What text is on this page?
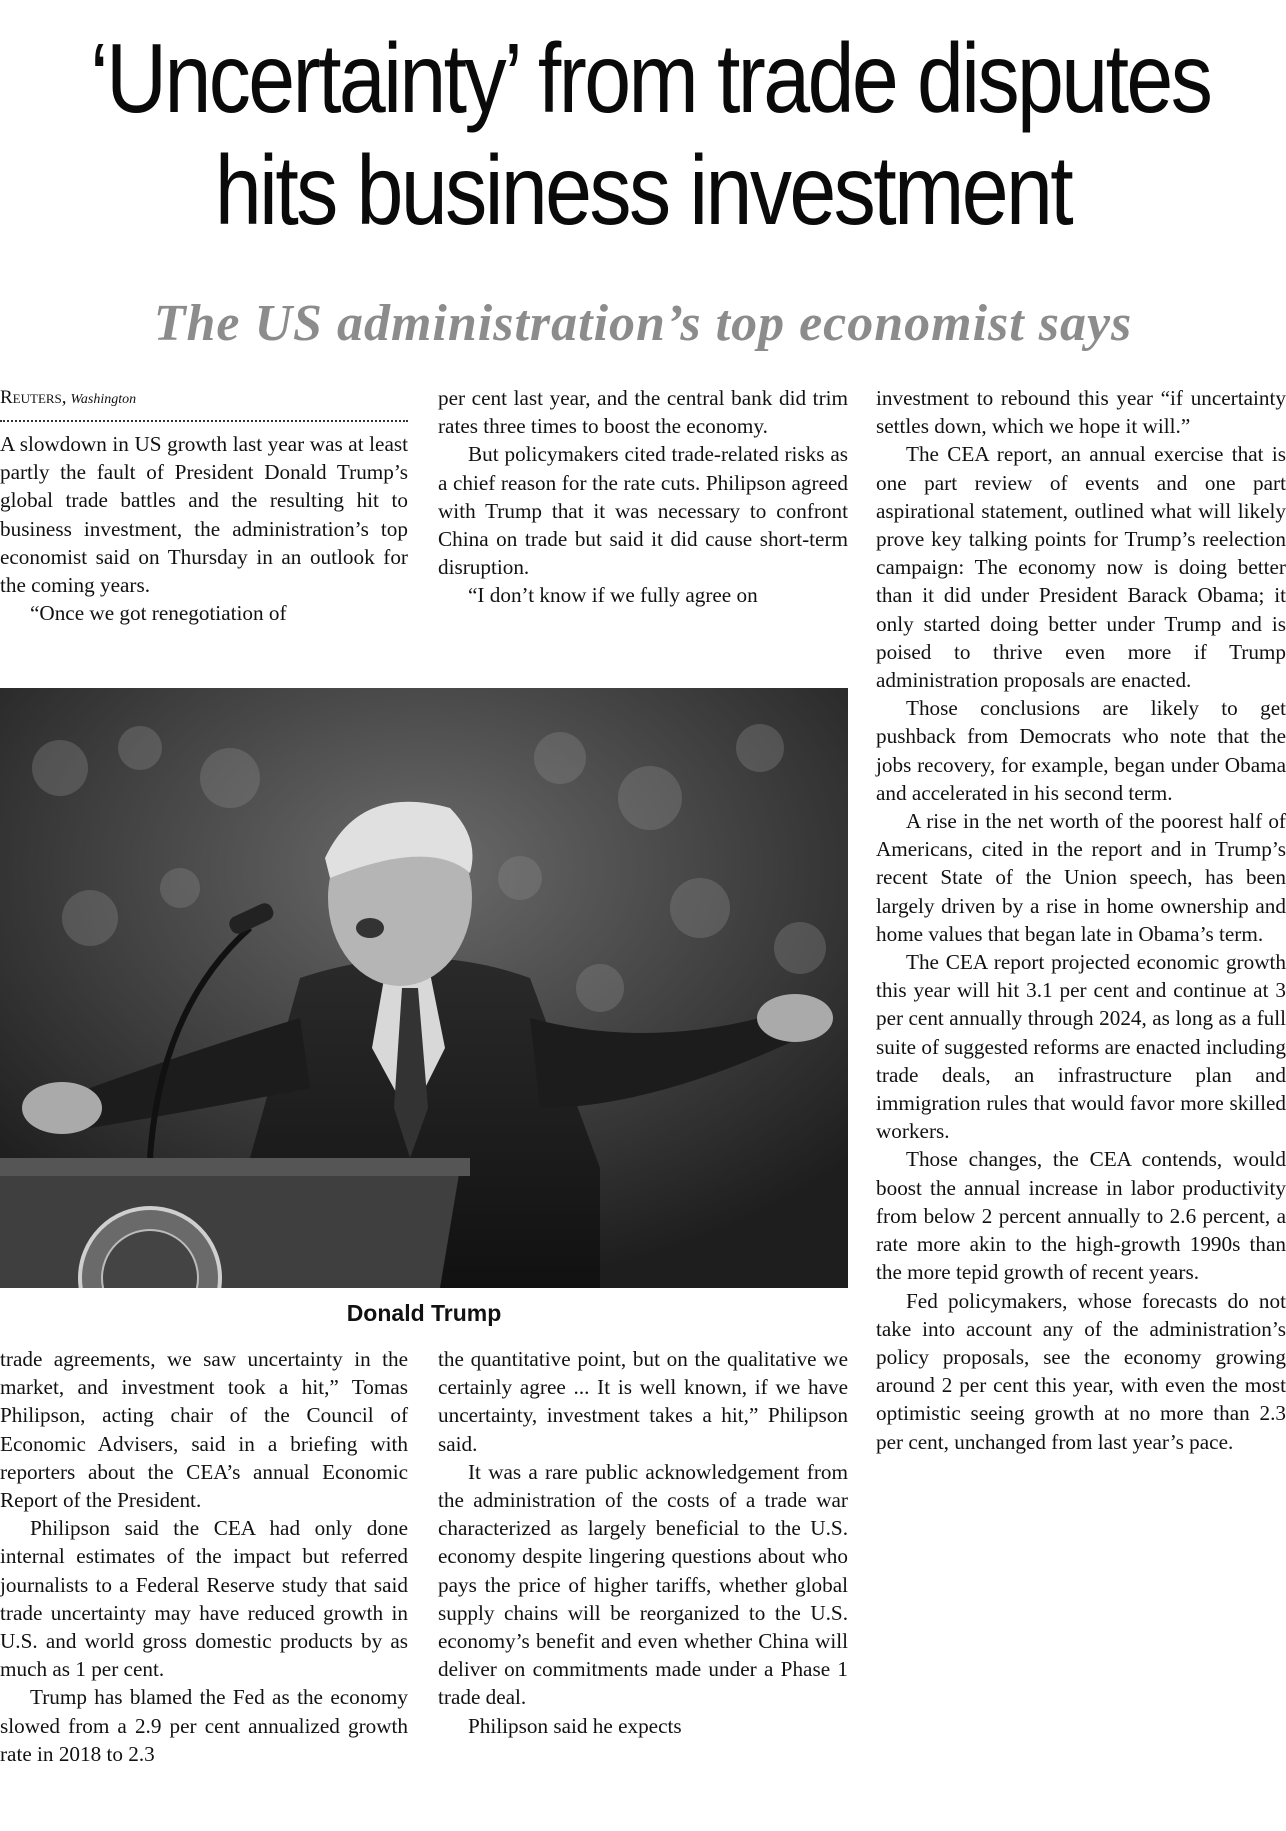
‘Uncertainty’ from trade disputes
hits business investment
The US administration’s top economist says

Reuters, Washington

A slowdown in US growth last year was at least partly the fault of President Donald Trump’s global trade battles and the resulting hit to business investment, the administration’s top economist said on Thursday in an outlook for the coming years.

“Once we got renegotiation of

per cent last year, and the central bank did trim rates three times to boost the economy.

But policymakers cited trade-related risks as a chief reason for the rate cuts. Philipson agreed with Trump that it was necessary to confront China on trade but said it did cause short-term disruption.

“I don’t know if we fully agree on

Donald Trump

trade agreements, we saw uncertainty in the market, and investment took a hit,” Tomas Philipson, acting chair of the Council of Economic Advisers, said in a briefing with reporters about the CEA’s annual Economic Report of the President.

Philipson said the CEA had only done internal estimates of the impact but referred journalists to a Federal Reserve study that said trade uncertainty may have reduced growth in U.S. and world gross domestic products by as much as 1 per cent.

Trump has blamed the Fed as the economy slowed from a 2.9 per cent annualized growth rate in 2018 to 2.3

the quantitative point, but on the qualitative we certainly agree ... It is well known, if we have uncertainty, investment takes a hit,” Philipson said.

It was a rare public acknowledgement from the administration of the costs of a trade war characterized as largely beneficial to the U.S. economy despite lingering questions about who pays the price of higher tariffs, whether global supply chains will be reorganized to the U.S. economy’s benefit and even whether China will deliver on commitments made under a Phase 1 trade deal.

Philipson said he expects

investment to rebound this year “if uncertainty settles down, which we hope it will.”

The CEA report, an annual exercise that is one part review of events and one part aspirational statement, outlined what will likely prove key talking points for Trump’s reelection campaign: The economy now is doing better than it did under President Barack Obama; it only started doing better under Trump and is poised to thrive even more if Trump administration proposals are enacted.

Those conclusions are likely to get pushback from Democrats who note that the jobs recovery, for example, began under Obama and accelerated in his second term.

A rise in the net worth of the poorest half of Americans, cited in the report and in Trump’s recent State of the Union speech, has been largely driven by a rise in home ownership and home values that began late in Obama’s term.

The CEA report projected economic growth this year will hit 3.1 per cent and continue at 3 per cent annually through 2024, as long as a full suite of suggested reforms are enacted including trade deals, an infrastructure plan and immigration rules that would favor more skilled workers.

Those changes, the CEA contends, would boost the annual increase in labor productivity from below 2 percent annually to 2.6 percent, a rate more akin to the high-growth 1990s than the more tepid growth of recent years.

Fed policymakers, whose forecasts do not take into account any of the administration’s policy proposals, see the economy growing around 2 per cent this year, with even the most optimistic seeing growth at no more than 2.3 per cent, unchanged from last year’s pace.
